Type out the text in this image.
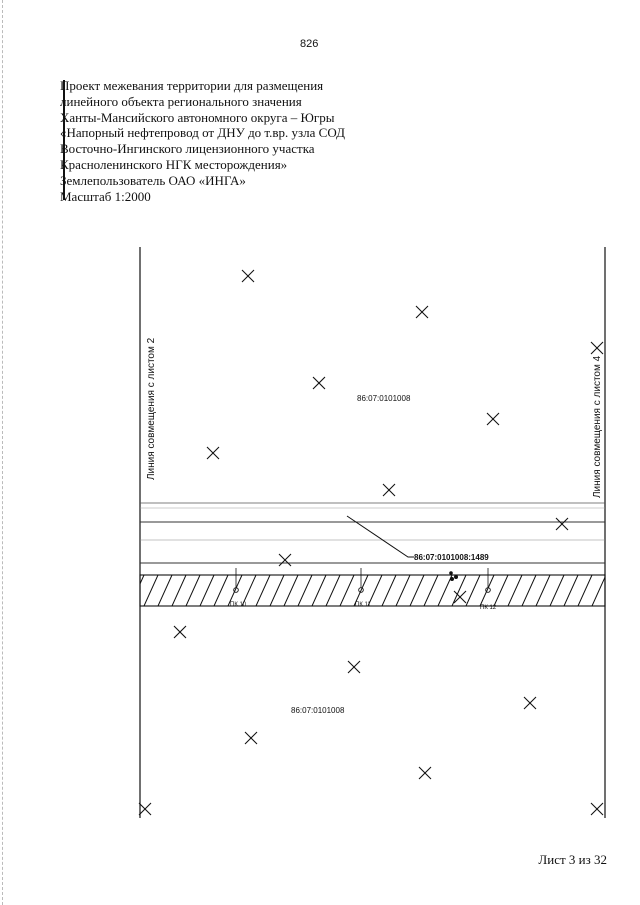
826
Проект межевания территории для размещения
линейного объекта регионального значения
Ханты-Мансийского автономного округа – Югры
«Напорный нефтепровод от ДНУ до т.вр. узла СОД
Восточно-Ингинского лицензионного участка
Красноленинского НГК месторождения»
Землепользователь ОАО «ИНГА»
Масштаб 1:2000
Линия совмещения с листом 2	Линия совмещения с листом 4
86:07:0101008:1489
86:07:0101008
86:07:0101008
ПК 10	ПК 11	ПК 12
Лист 3 из 32
